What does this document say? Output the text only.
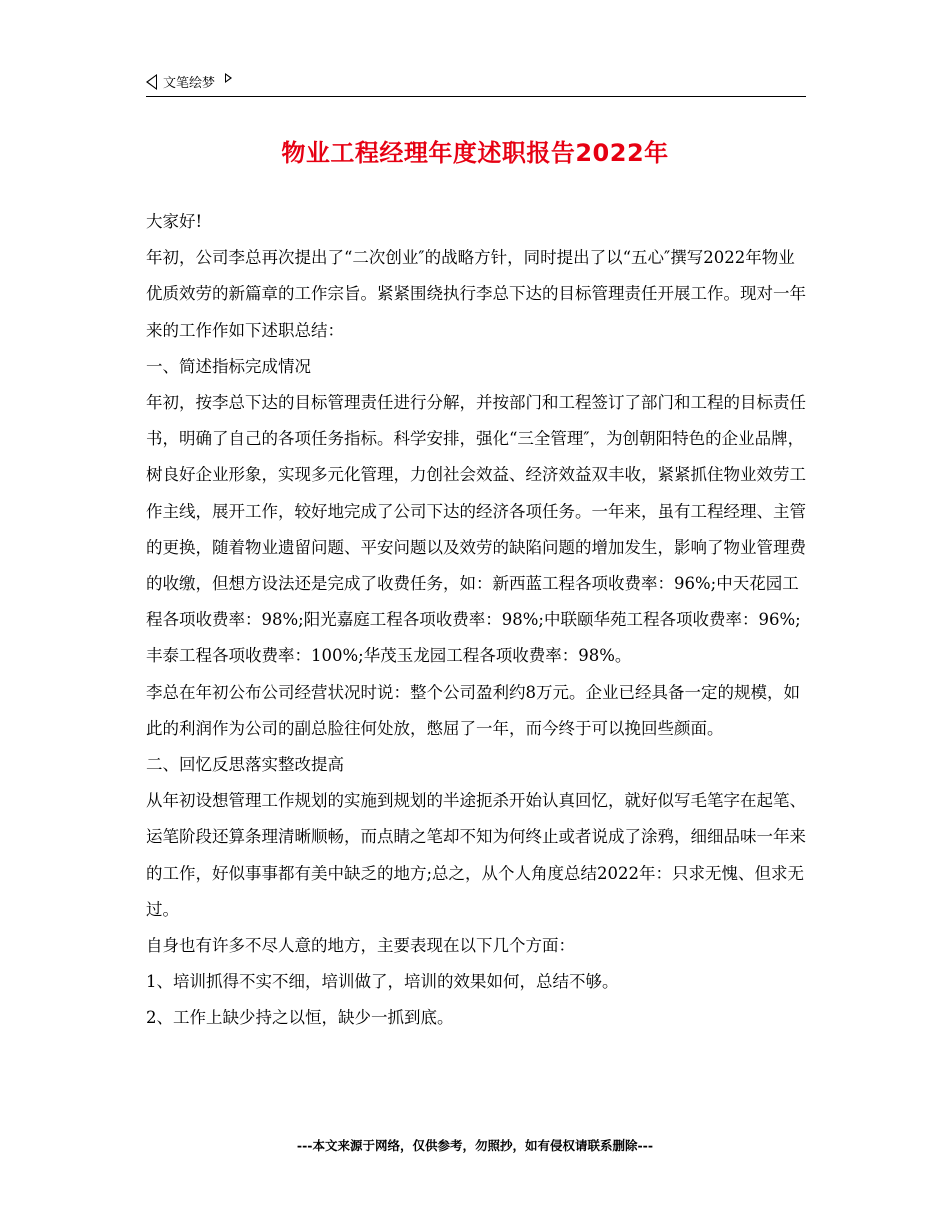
文笔绘梦
物业工程经理年度述职报告2022年

大家好!

年初，公司李总再次提出了“二次创业″的战略方针，同时提出了以“五心″撰写2022年物业优质效劳的新篇章的工作宗旨。紧紧围绕执行李总下达的目标管理责任开展工作。现对一年来的工作作如下述职总结：

一、简述指标完成情况

年初，按李总下达的目标管理责任进行分解，并按部门和工程签订了部门和工程的目标责任书，明确了自己的各项任务指标。科学安排，强化“三全管理″，为创朝阳特色的企业品牌，树良好企业形象，实现多元化管理，力创社会效益、经济效益双丰收，紧紧抓住物业效劳工作主线，展开工作，较好地完成了公司下达的经济各项任务。一年来，虽有工程经理、主管的更换，随着物业遗留问题、平安问题以及效劳的缺陷问题的增加发生，影响了物业管理费的收缴，但想方设法还是完成了收费任务，如：新西蓝工程各项收费率：96%;中天花园工程各项收费率：98%;阳光嘉庭工程各项收费率：98%;中联颐华苑工程各项收费率：96%;丰泰工程各项收费率：100%;华茂玉龙园工程各项收费率：98%。

李总在年初公布公司经营状况时说：整个公司盈利约8万元。企业已经具备一定的规模，如此的利润作为公司的副总脸往何处放，憋屈了一年，而今终于可以挽回些颜面。

二、回忆反思落实整改提高

从年初设想管理工作规划的实施到规划的半途扼杀开始认真回忆，就好似写毛笔字在起笔、运笔阶段还算条理清晰顺畅，而点睛之笔却不知为何终止或者说成了涂鸦，细细品味一年来的工作，好似事事都有美中缺乏的地方;总之，从个人角度总结2022年：只求无愧、但求无过。

自身也有许多不尽人意的地方，主要表现在以下几个方面：

1、培训抓得不实不细，培训做了，培训的效果如何，总结不够。

2、工作上缺少持之以恒，缺少一抓到底。

---本文来源于网络，仅供参考，勿照抄，如有侵权请联系删除---
